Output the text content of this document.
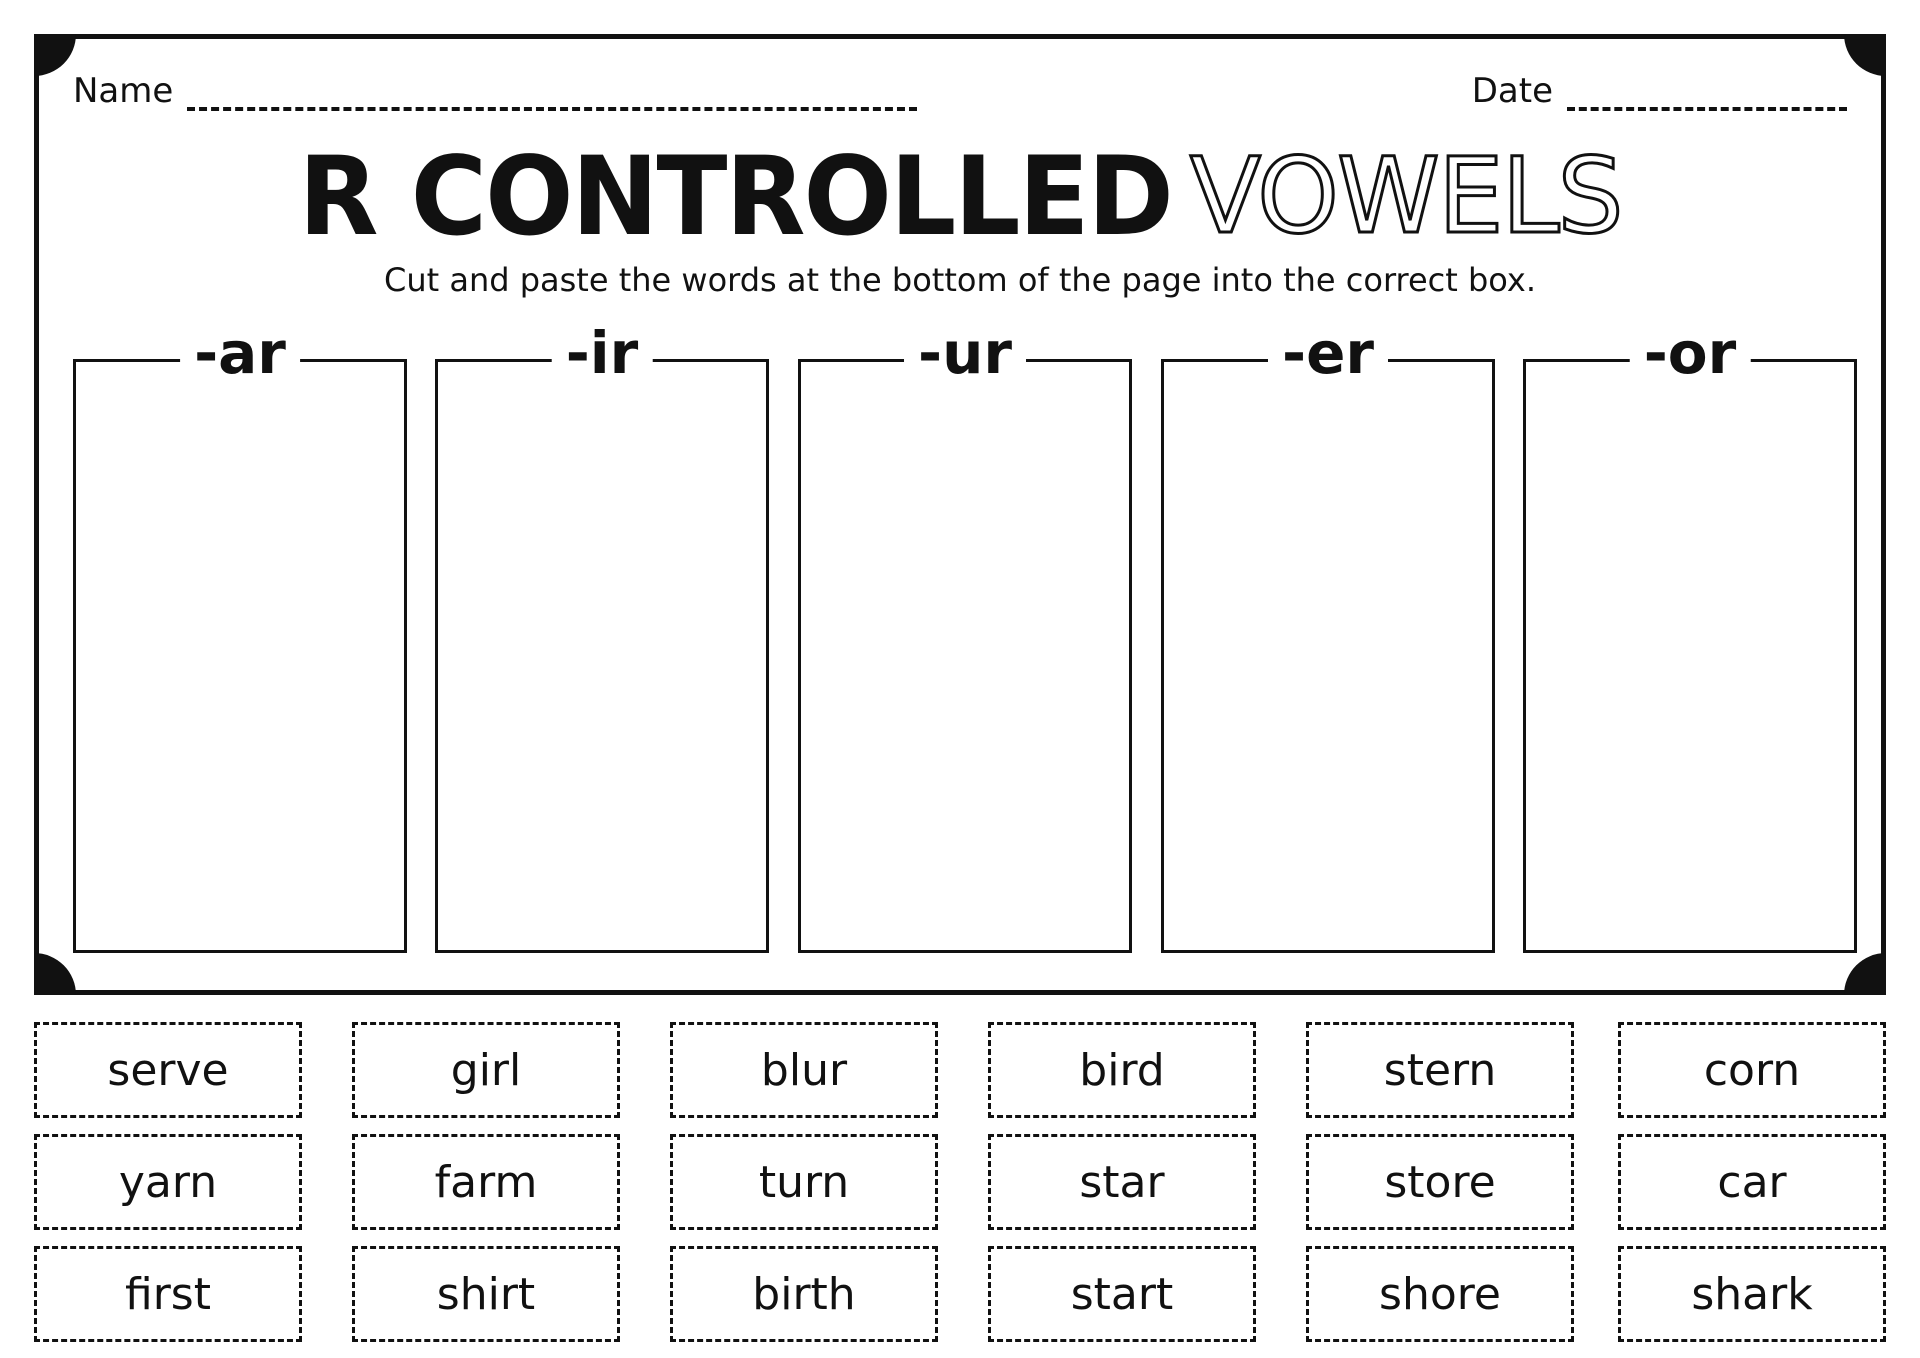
Name	Date
R CONTROLLED VOWELS
Cut and paste the words at the bottom of the page into the correct box.
-ar	-ir	-ur	-er	-or
serve	girl	blur	bird	stern	corn
yarn	farm	turn	star	store	car
first	shirt	birth	start	shore	shark
